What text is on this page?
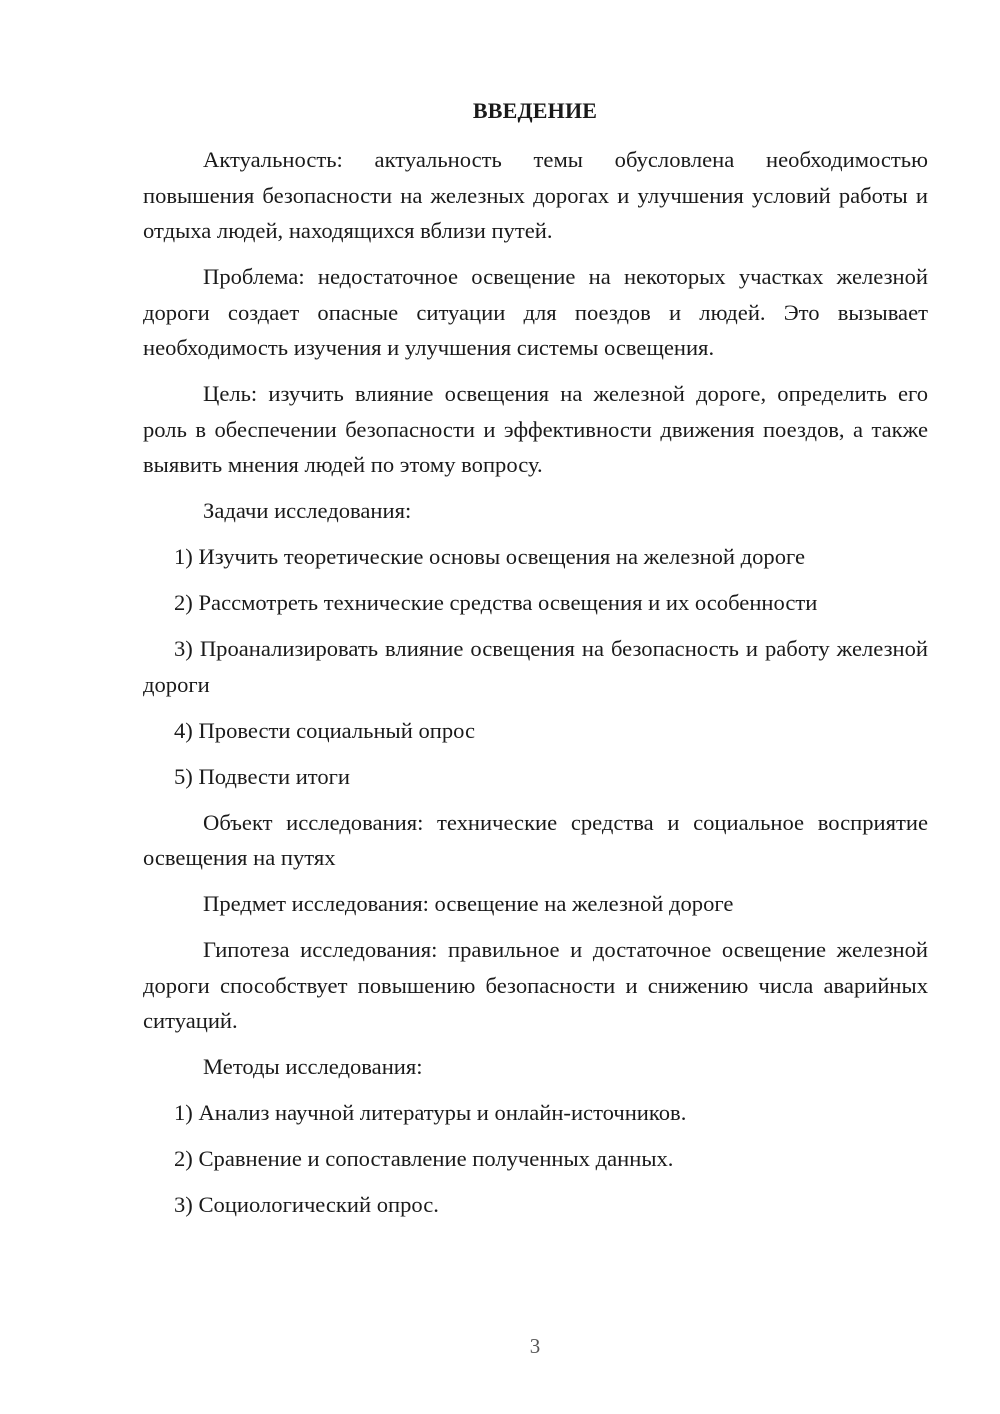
ВВЕДЕНИЕ

Актуальность: актуальность темы обусловлена необходимостью повышения безопасности на железных дорогах и улучшения условий работы и отдыха людей, находящихся вблизи путей.

Проблема: недостаточное освещение на некоторых участках железной дороги создает опасные ситуации для поездов и людей. Это вызывает необходимость изучения и улучшения системы освещения.

Цель: изучить влияние освещения на железной дороге, определить его роль в обеспечении безопасности и эффективности движения поездов, а также выявить мнения людей по этому вопросу.

Задачи исследования:

1) Изучить теоретические основы освещения на железной дороге

2) Рассмотреть технические средства освещения и их особенности

3) Проанализировать влияние освещения на безопасность и работу железной дороги

4) Провести социальный опрос

5) Подвести итоги

Объект исследования: технические средства и социальное восприятие освещения на путях

Предмет исследования: освещение на железной дороге

Гипотеза исследования: правильное и достаточное освещение железной дороги способствует повышению безопасности и снижению числа аварийных ситуаций.

Методы исследования:

1) Анализ научной литературы и онлайн-источников.

2) Сравнение и сопоставление полученных данных.

3) Социологический опрос.

3
